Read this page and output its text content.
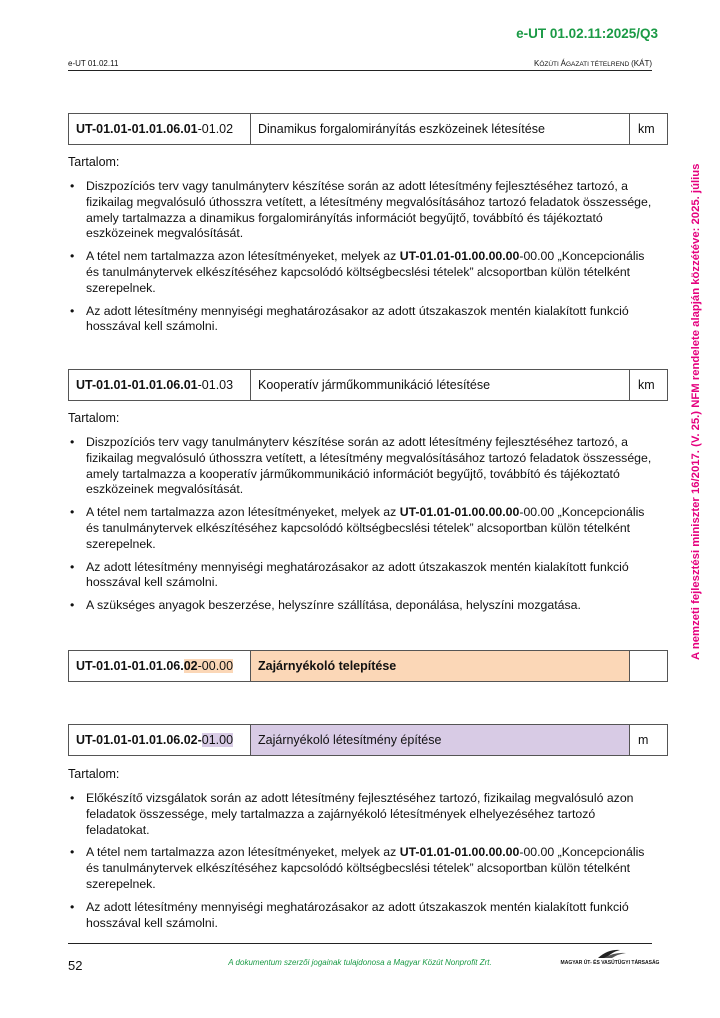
e-UT 01.02.11:2025/Q3
e-UT 01.02.11	KÖZÚTI ÁGAZATI TÉTELREND (KÁT)
A nemzeti fejlesztési miniszter 16/2017. (V. 25.) NFM rendelete alapján közzétéve: 2025. július
UT-01.01-01.01.06.01 -01.02	Dinamikus forgalomirányítás eszközeinek létesítése	km
Tartalom:
• Diszpozíciós terv vagy tanulmányterv készítése során az adott létesítmény fejlesztéséhez tartozó, a fizikailag megvalósuló úthosszra vetített, a létesítmény megvalósításához tartozó feladatok összessége, amely tartalmazza a dinamikus forgalomirányítás információt begyűjtő, továbbító és tájékoztató eszközeinek megvalósítását.
• A tétel nem tartalmazza azon létesítményeket, melyek az UT-01.01-01.00.00.00-00.00 „Koncepcionális és tanulmánytervek elkészítéséhez kapcsolódó költségbecslési tételek” alcsoportban külön tételként szerepelnek.
• Az adott létesítmény mennyiségi meghatározásakor az adott útszakaszok mentén kialakított funkció hosszával kell számolni.
UT-01.01-01.01.06.01 -01.03	Kooperatív járműkommunikáció létesítése	km
Tartalom:
• Diszpozíciós terv vagy tanulmányterv készítése során az adott létesítmény fejlesztéséhez tartozó, a fizikailag megvalósuló úthosszra vetített, a létesítmény megvalósításához tartozó feladatok összessége, amely tartalmazza a kooperatív járműkommunikáció információt begyűjtő, továbbító és tájékoztató eszközeinek megvalósítását.
• A tétel nem tartalmazza azon létesítményeket, melyek az UT-01.01-01.00.00.00-00.00 „Koncepcionális és tanulmánytervek elkészítéséhez kapcsolódó költségbecslési tételek” alcsoportban külön tételként szerepelnek.
• Az adott létesítmény mennyiségi meghatározásakor az adott útszakaszok mentén kialakított funkció hosszával kell számolni.
• A szükséges anyagok beszerzése, helyszínre szállítása, deponálása, helyszíni mozgatása.
UT-01.01-01.01.06. 02 -00.00	Zajárnyékoló telepítése
UT-01.01-01.01.06.02- 01.00	Zajárnyékoló létesítmény építése	m
Tartalom:
• Előkészítő vizsgálatok során az adott létesítmény fejlesztéséhez tartozó, fizikailag megvalósuló azon feladatok összessége, mely tartalmazza a zajárnyékoló létesítmények elhelyezéséhez tartozó feladatokat.
• A tétel nem tartalmazza azon létesítményeket, melyek az UT-01.01-01.00.00.00-00.00 „Koncepcionális és tanulmánytervek elkészítéséhez kapcsolódó költségbecslési tételek” alcsoportban külön tételként szerepelnek.
• Az adott létesítmény mennyiségi meghatározásakor az adott útszakaszok mentén kialakított funkció hosszával kell számolni.
52	A dokumentum szerzői jogainak tulajdonosa a Magyar Közút Nonprofit Zrt.	MAGYAR ÚT- ÉS VASÚTÜGYI TÁRSASÁG
